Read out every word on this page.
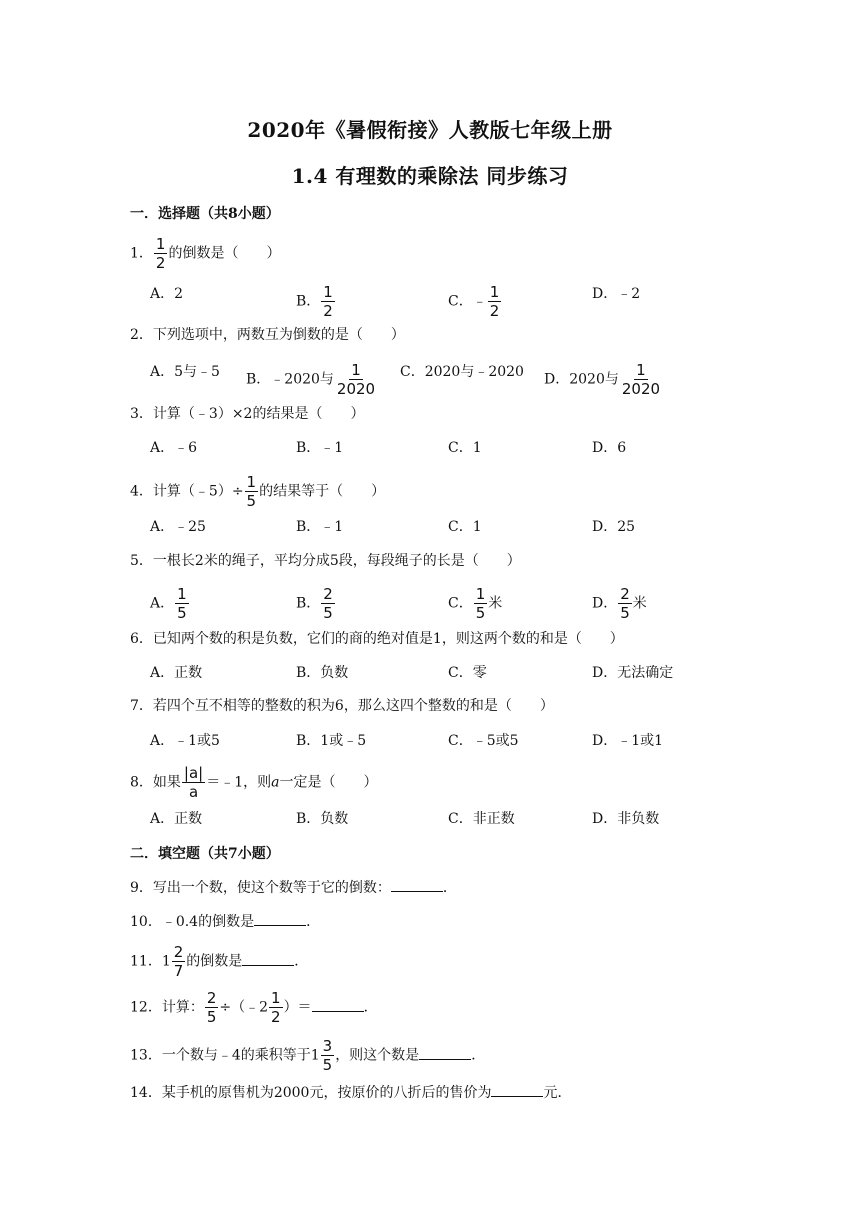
2020年《暑假衔接》人教版七年级上册
1.4 有理数的乘除法 同步练习
一．选择题（共8小题）
1． $\frac{1}{2}$ 的倒数是（　　）
A．2	B． $\frac{1}{2}$	C．﹣ $\frac{1}{2}$	D．﹣2
2．下列选项中，两数互为倒数的是（　　）
A．5与﹣5 B．﹣2020与 $\frac{1}{2020}$ C．2020与﹣2020 D．2020与 $\frac{1}{2020}$
3．计算（﹣3）×2的结果是（　　）
A．﹣6	B．﹣1	C．1	D．6
4．计算（﹣5）÷ $\frac{1}{5}$ 的结果等于（　　）
A．﹣25	B．﹣1	C．1	D．25
5．一根长2米的绳子，平均分成5段，每段绳子的长是（　　）
A． $\frac{1}{5}$	B． $\frac{2}{5}$	C． $\frac{1}{5}$ 米	D． $\frac{2}{5}$ 米
6．已知两个数的积是负数，它们的商的绝对值是1，则这两个数的和是（　　）
A．正数	B．负数	C．零	D．无法确定
7．若四个互不相等的整数的积为6，那么这四个整数的和是（　　）
A．﹣1或5	B．1或﹣5	C．﹣5或5	D．﹣1或1
8．如果 $\frac{|a|}{a}$ ＝﹣1，则a一定是（　　）
A．正数	B．负数	C．非正数	D．非负数
二．填空题（共7小题）
9．写出一个数，使这个数等于它的倒数：	．
10．﹣0.4的倒数是	．
11．$1 \frac{2}{7}$ 的倒数是	．
12．计算： $\frac{2}{5}$ ÷（﹣2 $\frac{1}{2}$ ）＝	．
13．一个数与﹣4的乘积等于$1 \frac{3}{5}$ ，则这个数是	．
14．某手机的原售机为2000元，按原价的八折后的售价为	元．
